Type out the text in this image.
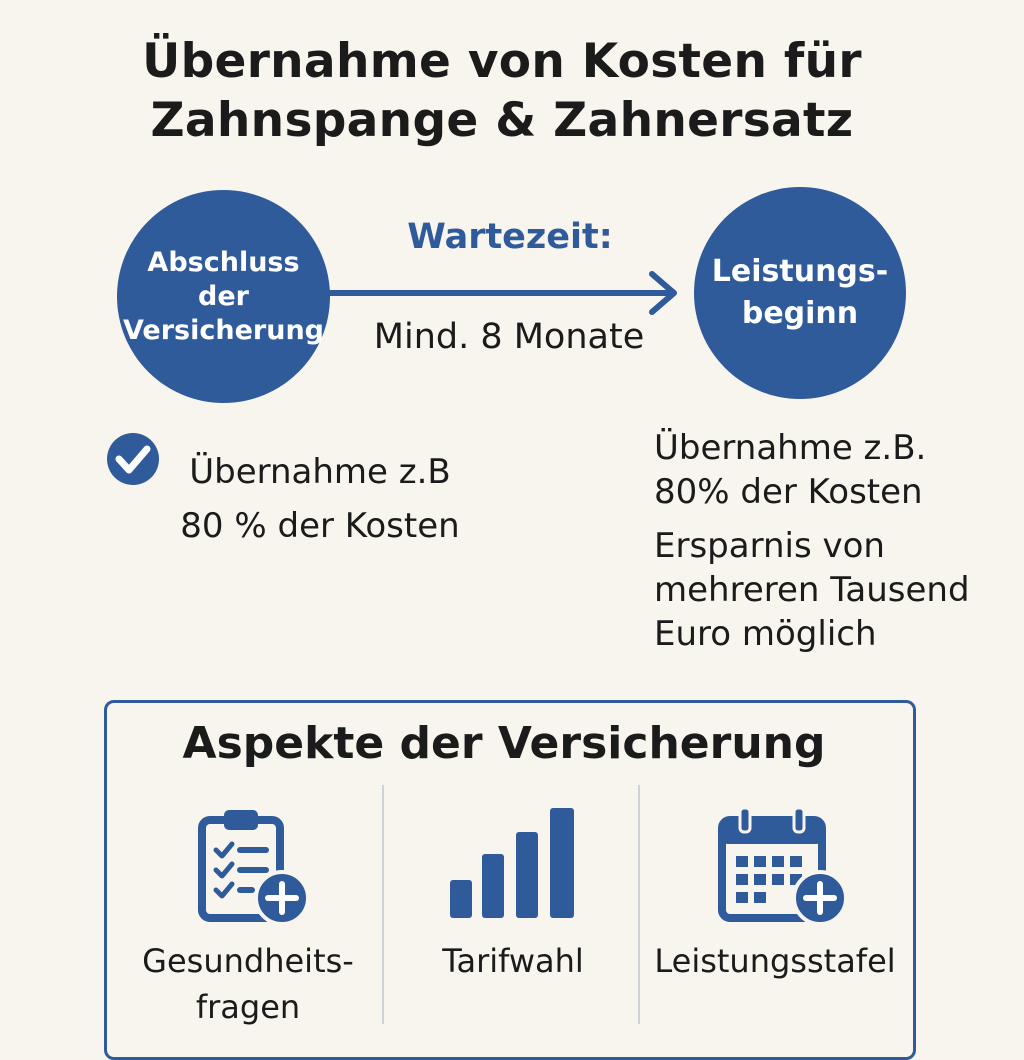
Übernahme von Kosten für
Zahnspange & Zahnersatz
Abschluss
der
Versicherung
Wartezeit:
Mind. 8 Monate
Leistungs-
beginn
Übernahme z.B
80 % der Kosten
Übernahme z.B.
80% der Kosten
Ersparnis von
mehreren Tausend
Euro möglich
Aspekte der Versicherung
Gesundheits-
fragen
Tarifwahl	Leistungsstafel
